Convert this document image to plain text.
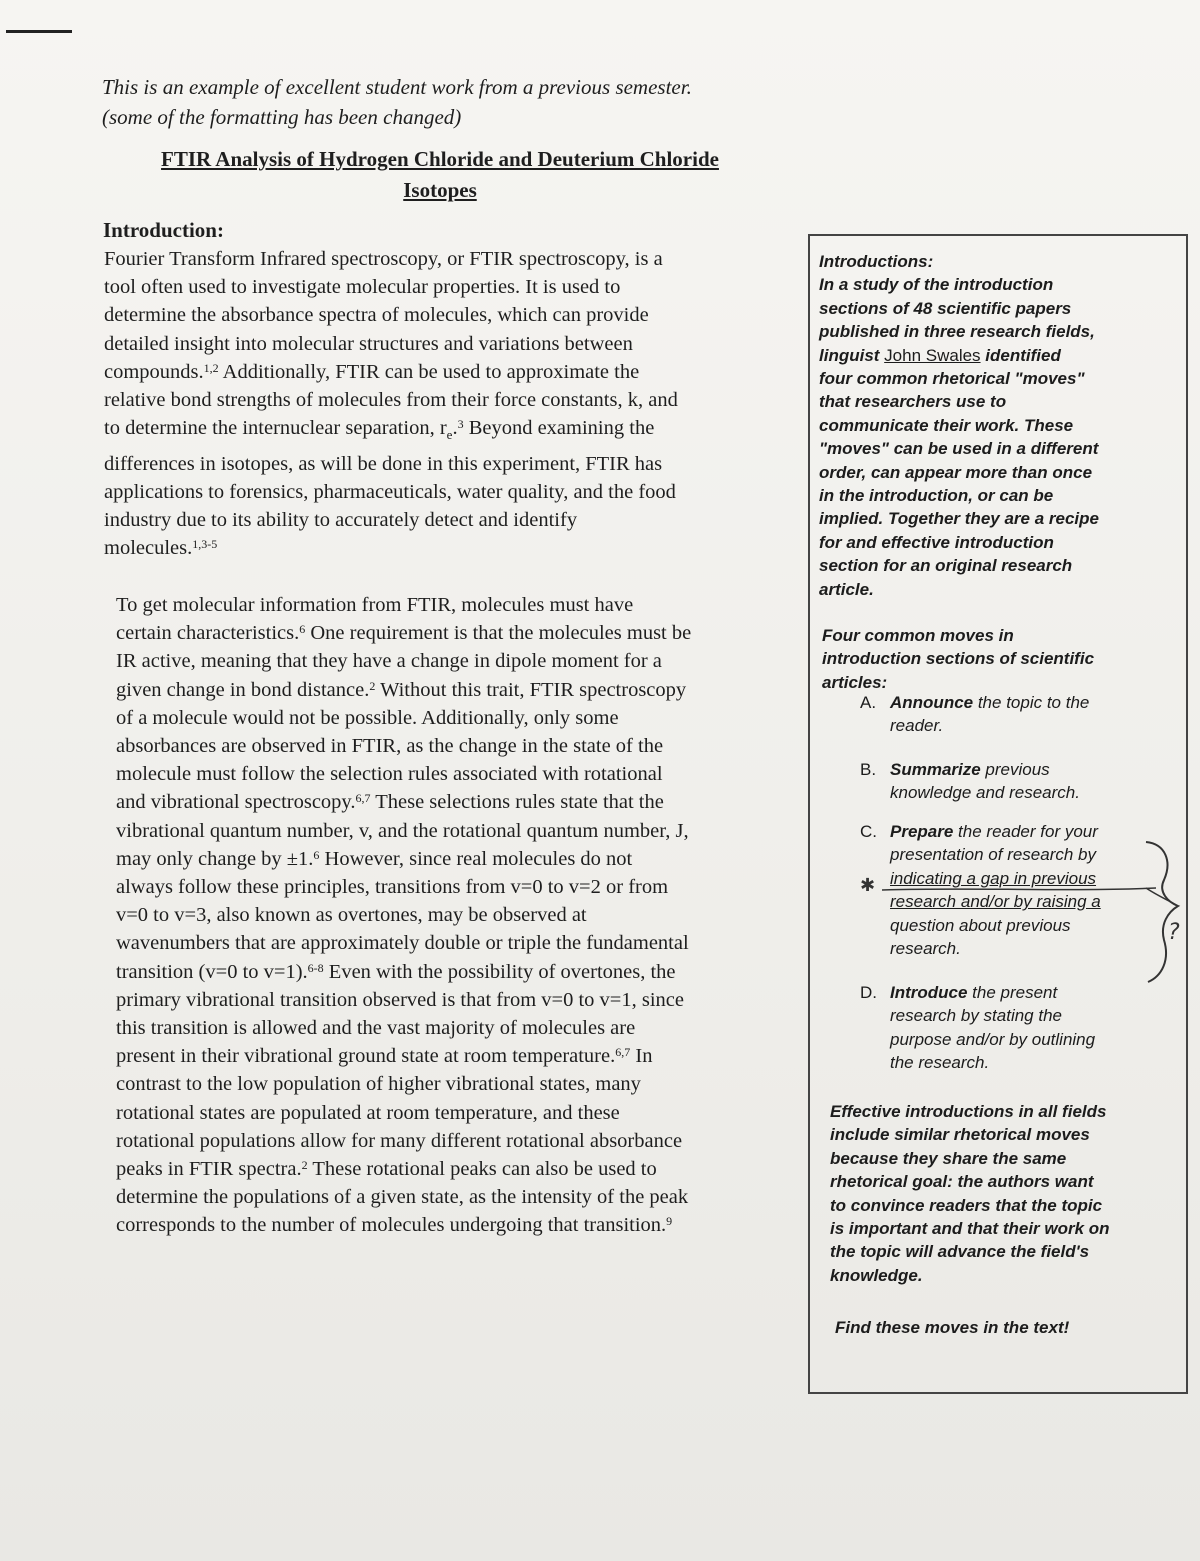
This is an example of excellent student work from a previous semester.
(some of the formatting has been changed)
FTIR Analysis of Hydrogen Chloride and Deuterium Chloride
Isotopes
Introduction:
Fourier Transform Infrared spectroscopy, or FTIR spectroscopy, is a
tool often used to investigate molecular properties. It is used to
determine the absorbance spectra of molecules, which can provide
detailed insight into molecular structures and variations between
compounds.$^{1,2}$ Additionally, FTIR can be used to approximate the
relative bond strengths of molecules from their force constants, k, and
to determine the internuclear separation, $r_e.^3$ Beyond examining the
differences in isotopes, as will be done in this experiment, FTIR has
applications to forensics, pharmaceuticals, water quality, and the food
industry due to its ability to accurately detect and identify
molecules.$^{1,3-5}$
To get molecular information from FTIR, molecules must have
certain characteristics.$^6$ One requirement is that the molecules must be
IR active, meaning that they have a change in dipole moment for a
given change in bond distance.$^2$ Without this trait, FTIR spectroscopy
of a molecule would not be possible. Additionally, only some
absorbances are observed in FTIR, as the change in the state of the
molecule must follow the selection rules associated with rotational
and vibrational spectroscopy.$^{6,7}$ These selections rules state that the
vibrational quantum number, v, and the rotational quantum number, J,
may only change by ±1.$^6$ However, since real molecules do not
always follow these principles, transitions from v=0 to v=2 or from
v=0 to v=3, also known as overtones, may be observed at
wavenumbers that are approximately double or triple the fundamental
transition (v=0 to v=1).$^{6-8}$ Even with the possibility of overtones, the
primary vibrational transition observed is that from v=0 to v=1, since
this transition is allowed and the vast majority of molecules are
present in their vibrational ground state at room temperature.$^{6,7}$ In
contrast to the low population of higher vibrational states, many
rotational states are populated at room temperature, and these
rotational populations allow for many different rotational absorbance
peaks in FTIR spectra.$^2$ These rotational peaks can also be used to
determine the populations of a given state, as the intensity of the peak
corresponds to the number of molecules undergoing that transition.$^9$
Introductions:
In a study of the introduction
sections of 48 scientific papers
published in three research fields,
linguist John Swales identified
four common rhetorical "moves"
that researchers use to
communicate their work. These
"moves" can be used in a different
order, can appear more than once
in the introduction, or can be
implied. Together they are a recipe
for and effective introduction
section for an original research
article.
Four common moves in
introduction sections of scientific
articles:
A. Announce the topic to the
reader.
B. Summarize previous
knowledge and research.
C. Prepare the reader for your
presentation of research by
indicating a gap in previous
research and/or by raising a
question about previous
research.
D. Introduce the present
research by stating the
purpose and/or by outlining
the research.
Effective introductions in all fields
include similar rhetorical moves
because they share the same
rhetorical goal: the authors want
to convince readers that the topic
is important and that their work on
the topic will advance the field's
knowledge.
Find these moves in the text!
✱
?
